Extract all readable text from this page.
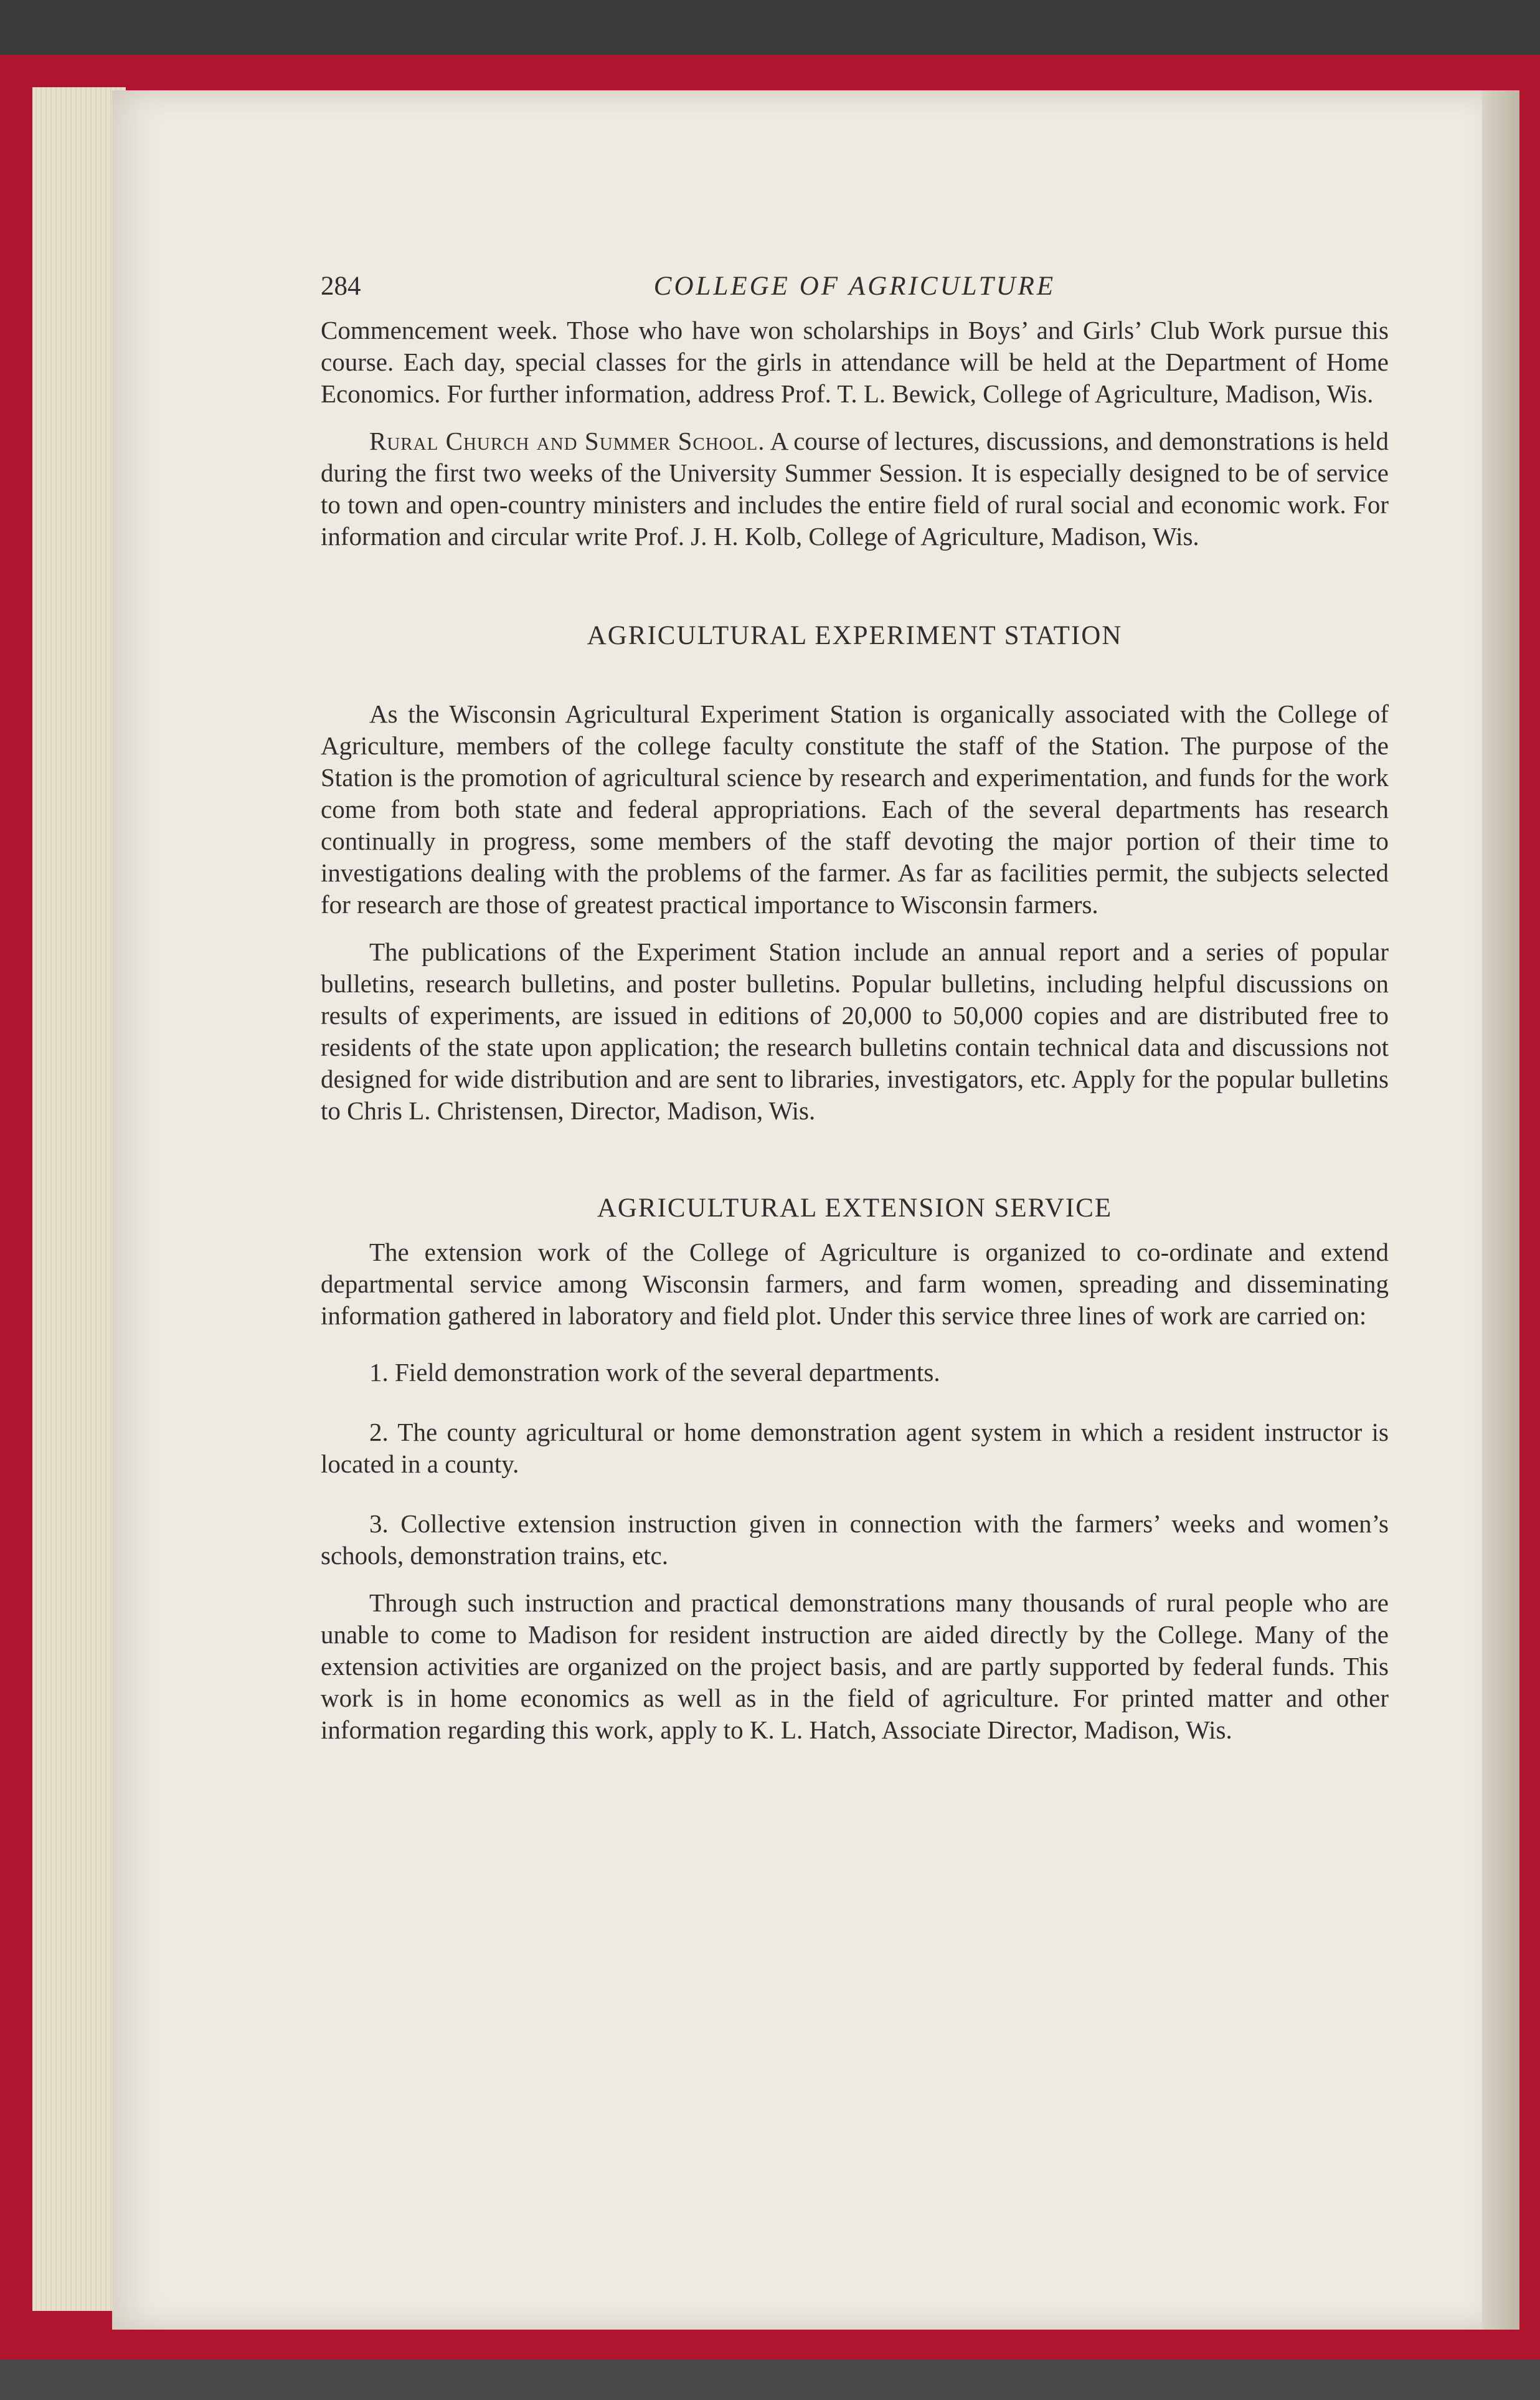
284	COLLEGE OF AGRICULTURE

Commencement week. Those who have won scholarships in Boys’ and Girls’ Club Work pursue this course. Each day, special classes for the girls in attendance will be held at the Department of Home Economics. For further information, address Prof. T. L. Bewick, College of Agriculture, Madison, Wis.

Rural Church and Summer School. A course of lectures, discussions, and demonstrations is held during the first two weeks of the University Summer Session. It is especially designed to be of service to town and open-country ministers and includes the entire field of rural social and economic work. For information and circular write Prof. J. H. Kolb, College of Agriculture, Madison, Wis.

AGRICULTURAL EXPERIMENT STATION

As the Wisconsin Agricultural Experiment Station is organically associated with the College of Agriculture, members of the college faculty constitute the staff of the Station. The purpose of the Station is the promotion of agricultural science by research and experimentation, and funds for the work come from both state and federal appropriations. Each of the several departments has research continually in progress, some members of the staff devoting the major portion of their time to investigations dealing with the problems of the farmer. As far as facilities permit, the subjects selected for research are those of greatest practical importance to Wisconsin farmers.

The publications of the Experiment Station include an annual report and a series of popular bulletins, research bulletins, and poster bulletins. Popular bulletins, including helpful discussions on results of experiments, are issued in editions of 20,000 to 50,000 copies and are distributed free to residents of the state upon application; the research bulletins contain technical data and discussions not designed for wide distribution and are sent to libraries, investigators, etc. Apply for the popular bulletins to Chris L. Christensen, Director, Madison, Wis.

AGRICULTURAL EXTENSION SERVICE

The extension work of the College of Agriculture is organized to co-ordinate and extend departmental service among Wisconsin farmers, and farm women, spreading and disseminating information gathered in laboratory and field plot. Under this service three lines of work are carried on:

1. Field demonstration work of the several departments.

2. The county agricultural or home demonstration agent system in which a resident instructor is located in a county.

3. Collective extension instruction given in connection with the farmers’ weeks and women’s schools, demonstration trains, etc.

Through such instruction and practical demonstrations many thousands of rural people who are unable to come to Madison for resident instruction are aided directly by the College. Many of the extension activities are organized on the project basis, and are partly supported by federal funds. This work is in home economics as well as in the field of agriculture. For printed matter and other information regarding this work, apply to K. L. Hatch, Associate Director, Madison, Wis.
